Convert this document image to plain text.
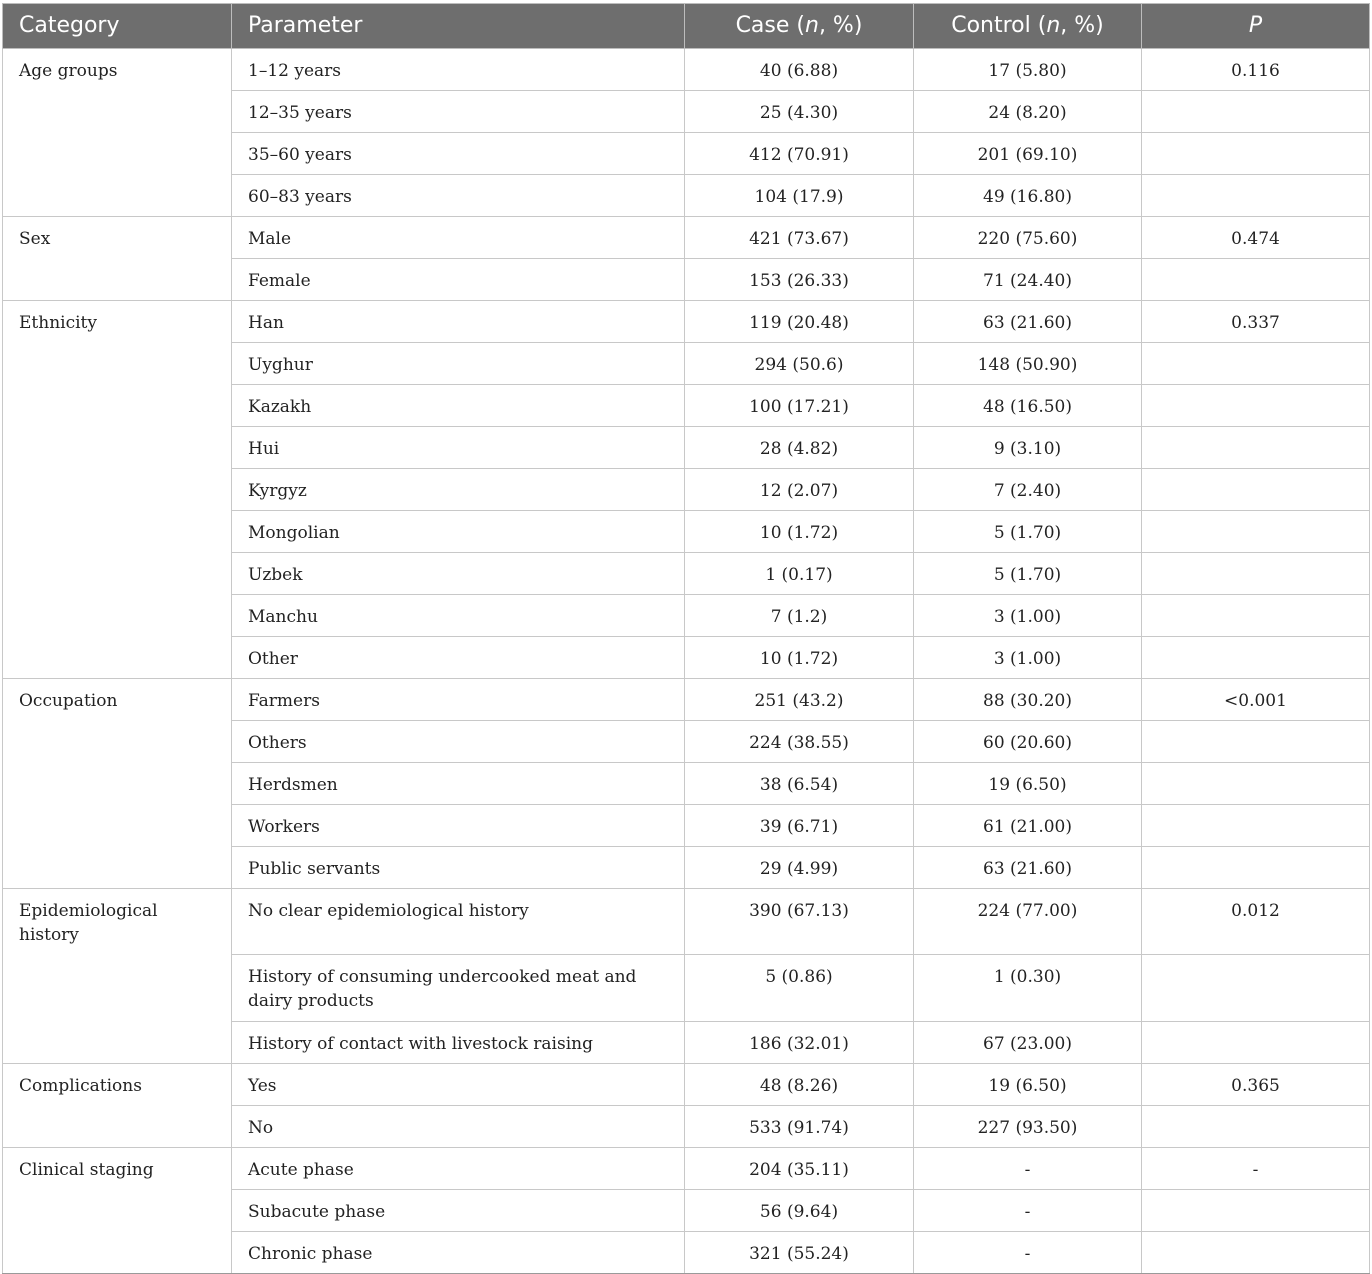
Category	Parameter	Case (n, %)	Control (n, %)	P
Age groups	1–12 years	40 (6.88)	17 (5.80)	0.116
	12–35 years	25 (4.30)	24 (8.20)	
	35–60 years	412 (70.91)	201 (69.10)	
	60–83 years	104 (17.9)	49 (16.80)	
Sex	Male	421 (73.67)	220 (75.60)	0.474
	Female	153 (26.33)	71 (24.40)	
Ethnicity	Han	119 (20.48)	63 (21.60)	0.337
	Uyghur	294 (50.6)	148 (50.90)	
	Kazakh	100 (17.21)	48 (16.50)	
	Hui	28 (4.82)	9 (3.10)	
	Kyrgyz	12 (2.07)	7 (2.40)	
	Mongolian	10 (1.72)	5 (1.70)	
	Uzbek	1 (0.17)	5 (1.70)	
	Manchu	7 (1.2)	3 (1.00)	
	Other	10 (1.72)	3 (1.00)	
Occupation	Farmers	251 (43.2)	88 (30.20)	<0.001
	Others	224 (38.55)	60 (20.60)	
	Herdsmen	38 (6.54)	19 (6.50)	
	Workers	39 (6.71)	61 (21.00)	
	Public servants	29 (4.99)	63 (21.60)	
Epidemiological history	No clear epidemiological history	390 (67.13)	224 (77.00)	0.012
	History of consuming undercooked meat and dairy products	5 (0.86)	1 (0.30)	
	History of contact with livestock raising	186 (32.01)	67 (23.00)	
Complications	Yes	48 (8.26)	19 (6.50)	0.365
	No	533 (91.74)	227 (93.50)	
Clinical staging	Acute phase	204 (35.11)	-	-
	Subacute phase	56 (9.64)	-	
	Chronic phase	321 (55.24)	-	
